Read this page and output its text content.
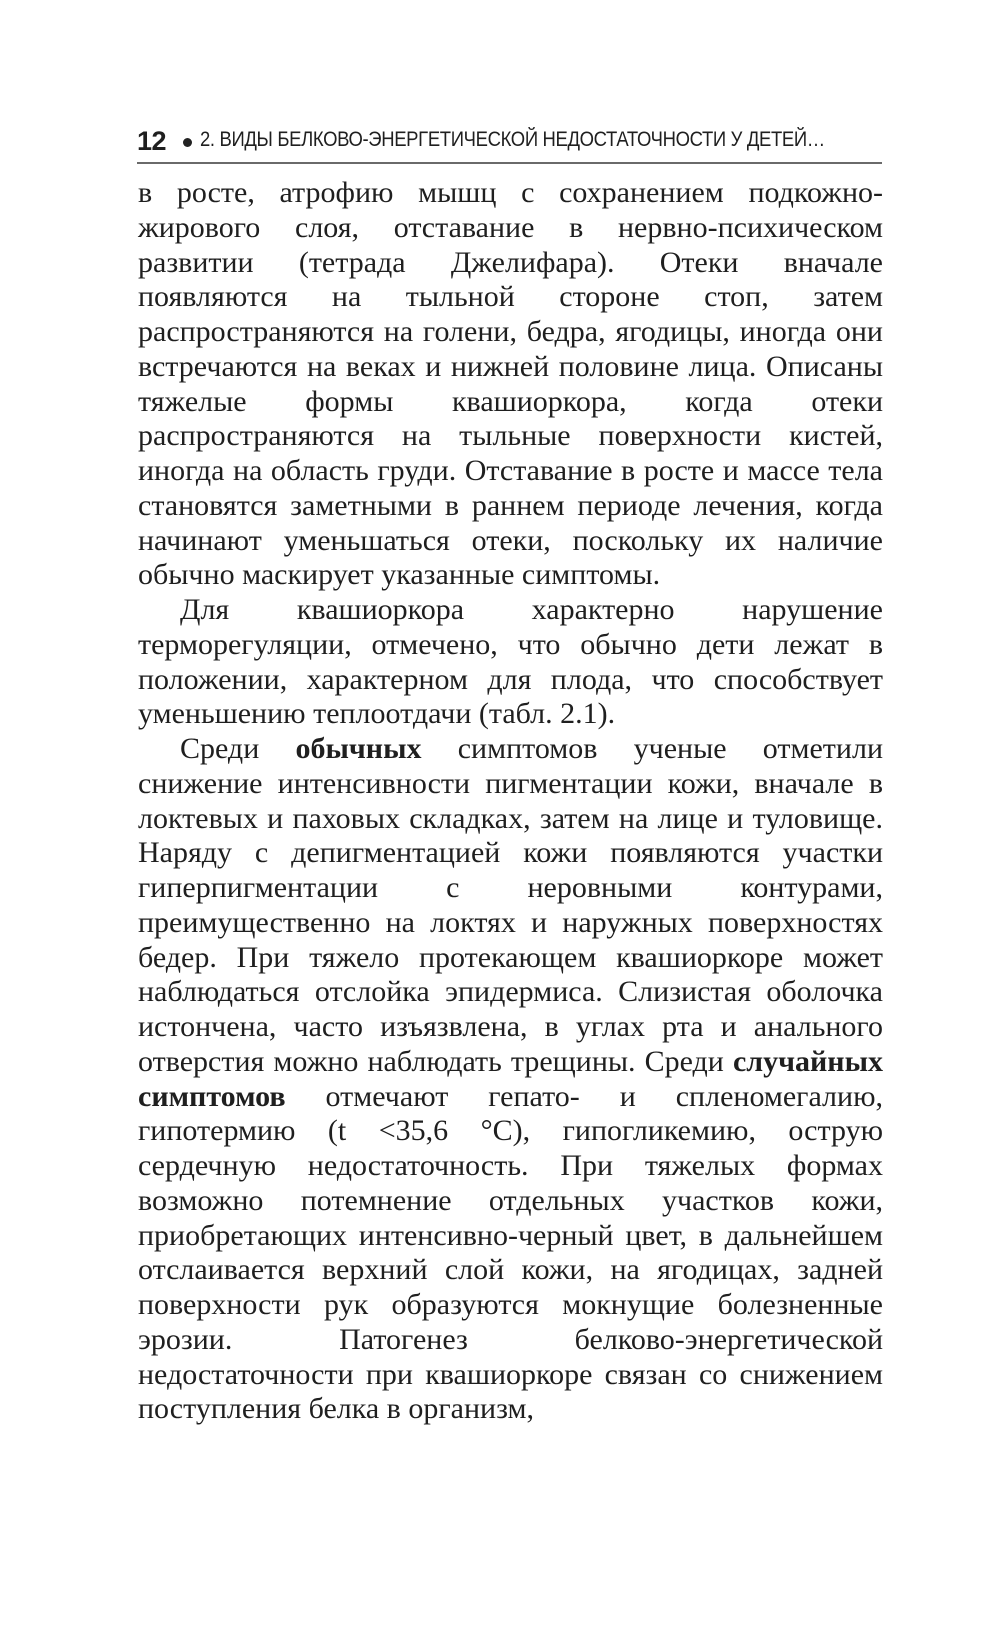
12 2. ВИДЫ БЕЛКОВО-ЭНЕРГЕТИЧЕСКОЙ НЕДОСТАТОЧНОСТИ У ДЕТЕЙ…

в росте, атрофию мышц с сохранением подкожно-жирового слоя, отставание в нервно-психическом развитии (тетрада Джелифара). Отеки вначале появляются на тыльной стороне стоп, затем распространяются на голени, бедра, ягодицы, иногда они встречаются на веках и нижней половине лица. Описаны тяжелые формы квашиоркора, когда отеки распространяются на тыльные поверхности кистей, иногда на область груди. Отставание в росте и массе тела становятся заметными в раннем периоде лечения, когда начинают уменьшаться отеки, поскольку их наличие обычно маскирует указанные симптомы.

Для квашиоркора характерно нарушение терморегуляции, отмечено, что обычно дети лежат в положении, характерном для плода, что способствует уменьшению теплоотдачи (табл. 2.1).

Среди обычных симптомов ученые отметили снижение интенсивности пигментации кожи, вначале в локтевых и паховых складках, затем на лице и туловище. Наряду с депигментацией кожи появляются участки гиперпигментации с неровными контурами, преимущественно на локтях и наружных поверхностях бедер. При тяжело протекающем квашиоркоре может наблюдаться отслойка эпидермиса. Слизистая оболочка истончена, часто изъязвлена, в углах рта и анального отверстия можно наблюдать трещины. Среди случайных симптомов отмечают гепато- и спленомегалию, гипотермию (t <35,6 °С), гипогликемию, острую сердечную недостаточность. При тяжелых формах возможно потемнение отдельных участков кожи, приобретающих интенсивно-черный цвет, в дальнейшем отслаивается верхний слой кожи, на ягодицах, задней поверхности рук образуются мокнущие болезненные эрозии. Патогенез белково-энергетической недостаточности при квашиоркоре связан со снижением поступления белка в организм,
